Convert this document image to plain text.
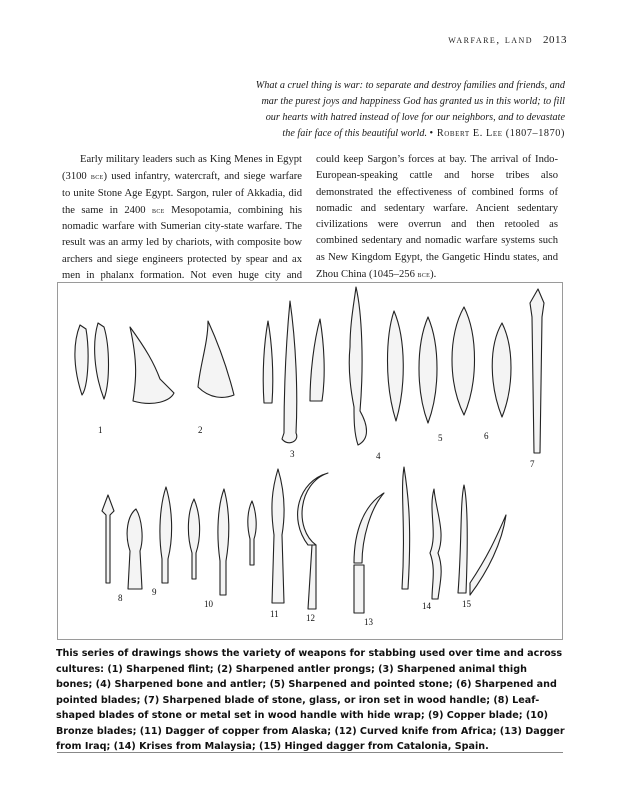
warfare, land 2013
What a cruel thing is war: to separate and destroy families and friends, and
mar the purest joys and happiness God has granted us in this world; to fill
our hearts with hatred instead of love for our neighbors, and to devastate
the fair face of this beautiful world. • Robert E. Lee (1807–1870)
Early military leaders such as King Menes in Egypt (3100 bce) used infantry, watercraft, and siege warfare to unite Stone Age Egypt. Sargon, ruler of Akkadia, did the same in 2400 bce Mesopotamia, combining his nomadic warfare with Sumerian city-state warfare. The result was an army led by chariots, with composite bow archers and siege engineers protected by spear and ax men in phalanx formation. Not even huge city and
could keep Sargon’s forces at bay. The arrival of Indo-European-speaking cattle and horse tribes also demonstrated the effectiveness of combined forms of nomadic and sedentary warfare. Ancient sedentary civilizations were overrun and then retooled as combined sedentary and nomadic warfare systems such as New Kingdom Egypt, the Gangetic Hindu states, and Zhou China (1045–256 bce).
1	2
3	4
5	6
7
8
9
10
11	12	13
14	15
This series of drawings shows the variety of weapons for stabbing used over time and across cultures: (1) Sharpened flint; (2) Sharpened antler prongs; (3) Sharpened animal thigh bones; (4) Sharpened bone and antler; (5) Sharpened and pointed stone; (6) Sharpened and pointed blades; (7) Sharpened blade of stone, glass, or iron set in wood handle; (8) Leaf-shaped blades of stone or metal set in wood handle with hide wrap; (9) Copper blade; (10) Bronze blades; (11) Dagger of copper from Alaska; (12) Curved knife from Africa; (13) Dagger from Iraq; (14) Krises from Malaysia; (15) Hinged dagger from Catalonia, Spain.
